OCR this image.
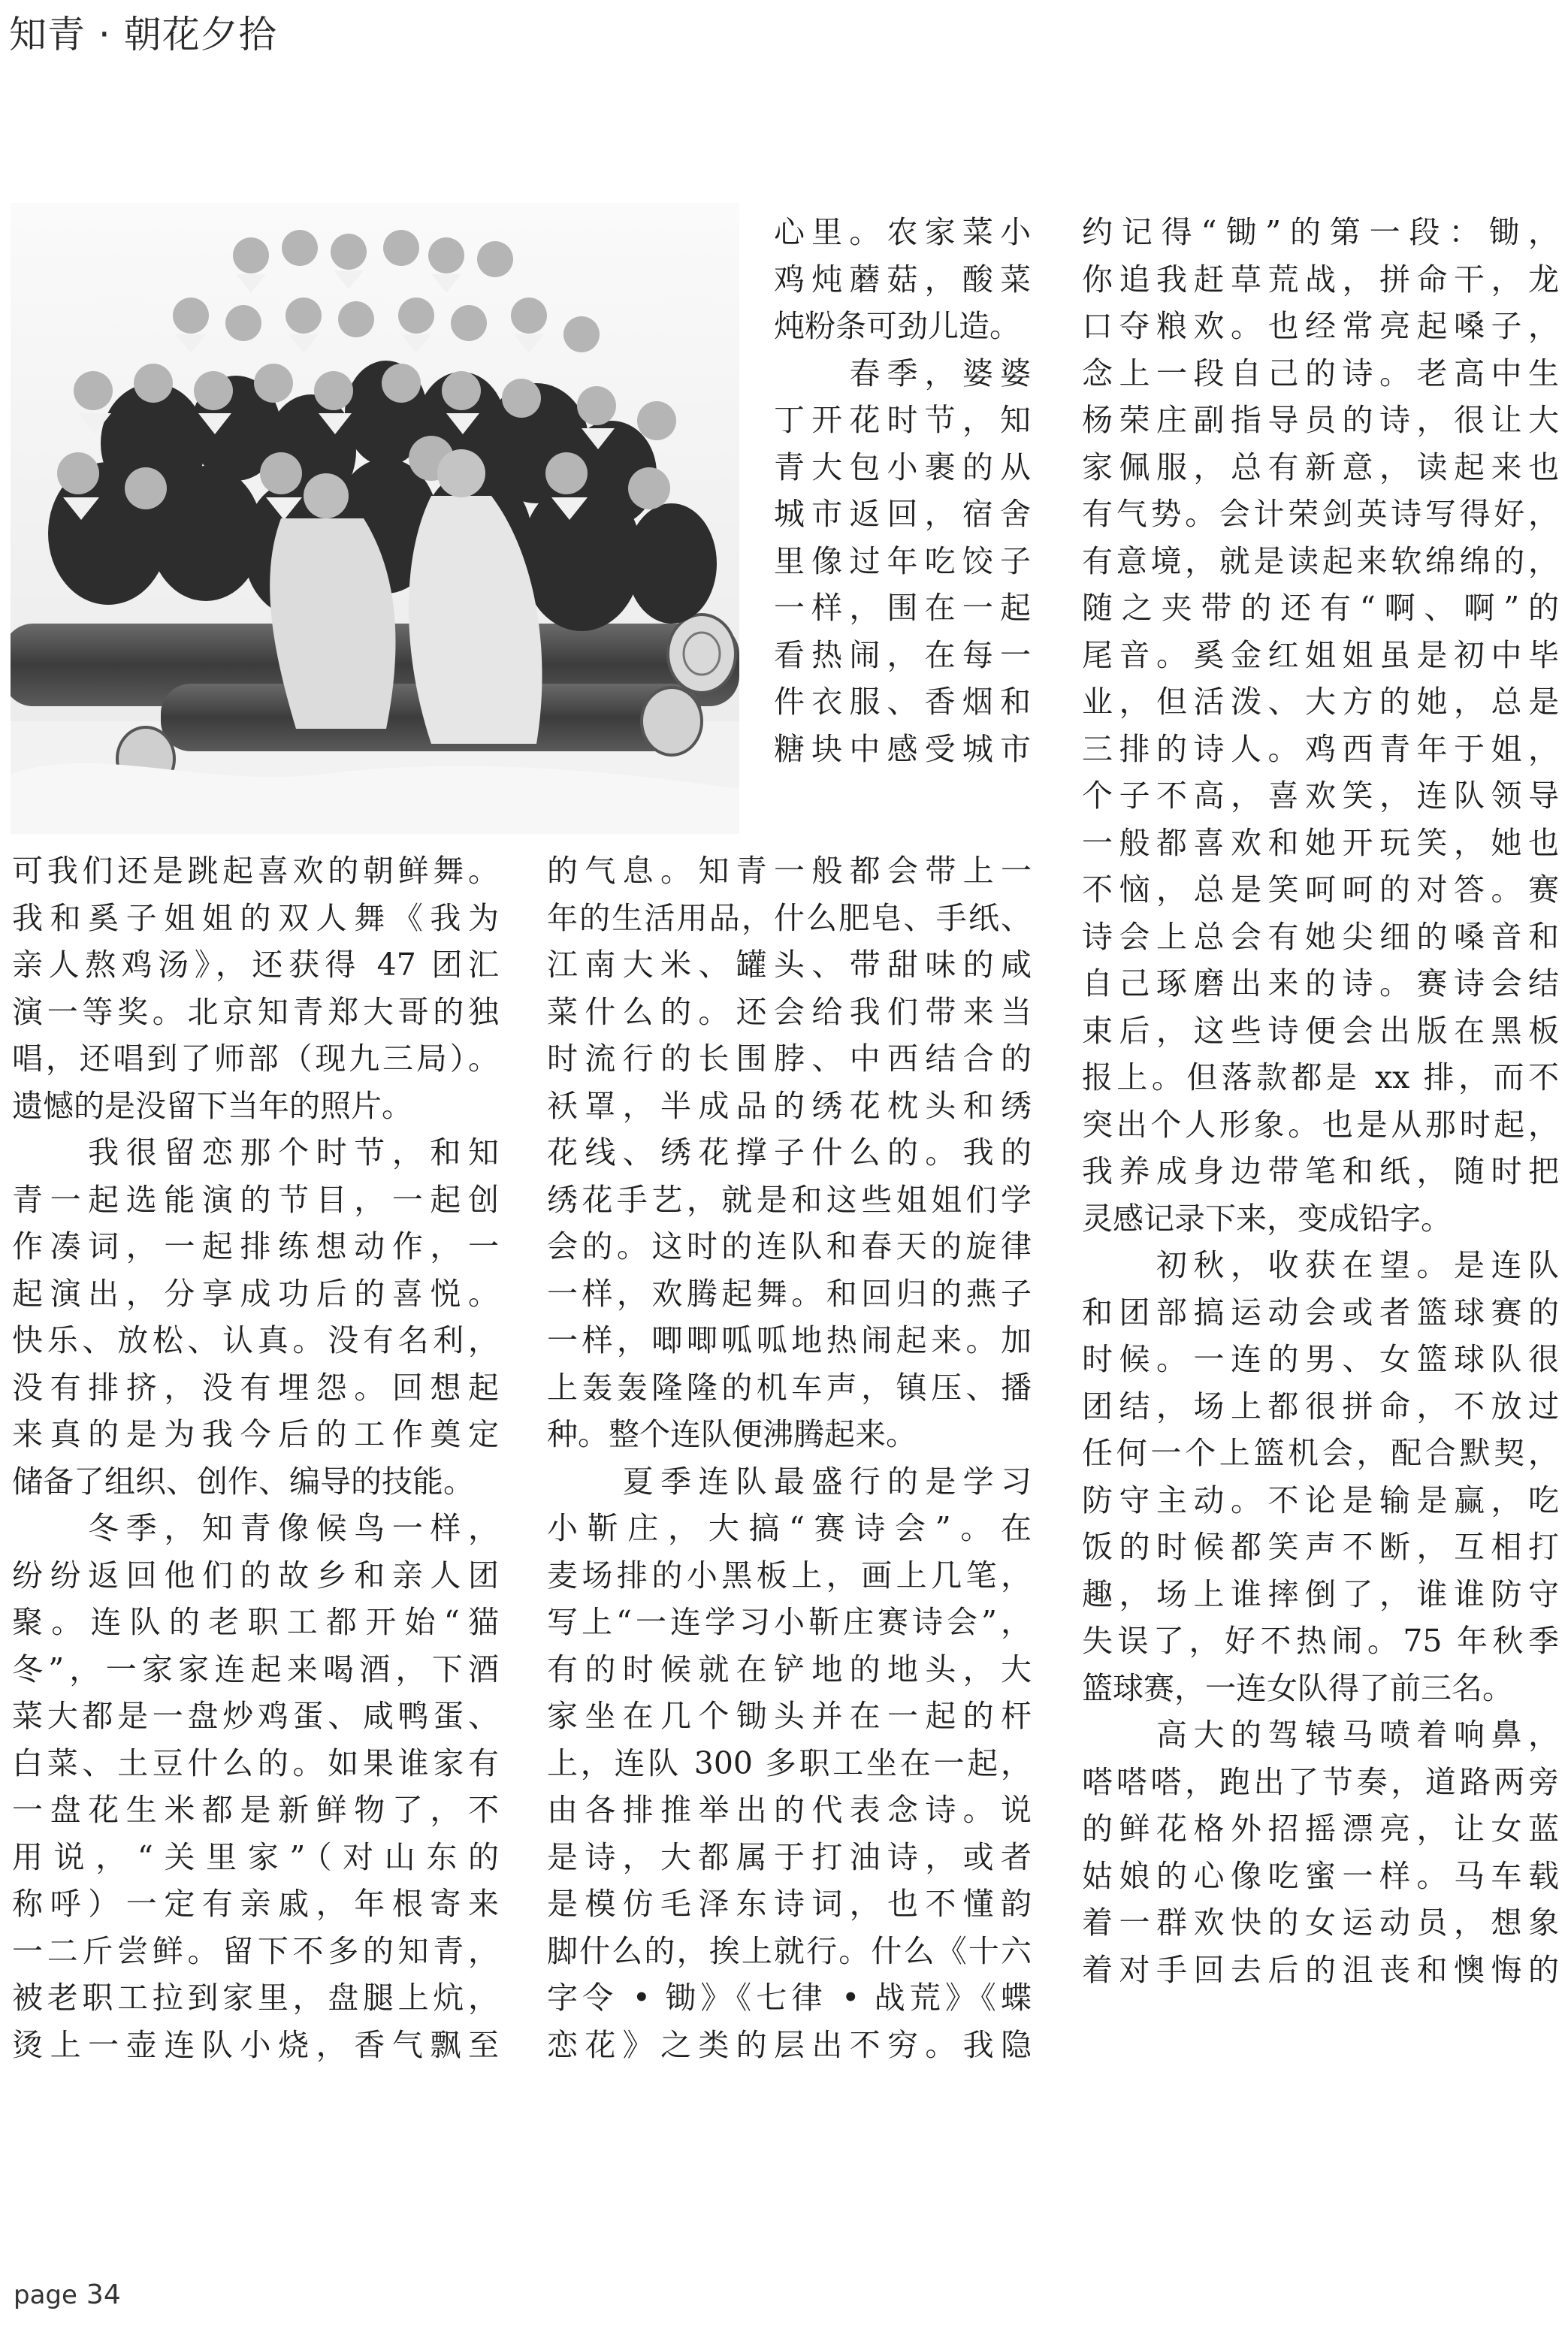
知青 · 朝花夕拾

可我们还是跳起喜欢的朝鲜舞。

我和奚子姐姐的双人舞《我为

亲人熬鸡汤》，还获得 47 团汇

演一等奖。北京知青郑大哥的独

唱，还唱到了师部（现九三局）。

遗憾的是没留下当年的照片。

　　我很留恋那个时节，和知

青一起选能演的节目，一起创

作凑词，一起排练想动作，一

起演出，分享成功后的喜悦。

快乐、放松、认真。没有名利，

没有排挤，没有埋怨。回想起

来真的是为我今后的工作奠定

储备了组织、创作、编导的技能。

　　冬季，知青像候鸟一样，

纷纷返回他们的故乡和亲人团

聚。连队的老职工都开始“猫

冬”，一家家连起来喝酒，下酒

菜大都是一盘炒鸡蛋、咸鸭蛋、

白菜、土豆什么的。如果谁家有

一盘花生米都是新鲜物了，不

用说，“关里家”（对山东的

称呼）一定有亲戚，年根寄来

一二斤尝鲜。留下不多的知青，

被老职工拉到家里，盘腿上炕，

烫上一壶连队小烧，香气飘至

心里。农家菜小

鸡炖蘑菇，酸菜

炖粉条可劲儿造。

　　春季，婆婆

丁开花时节，知

青大包小裹的从

城市返回，宿舍

里像过年吃饺子

一样，围在一起

看热闹，在每一

件衣服、香烟和

糖块中感受城市

的气息。知青一般都会带上一

年的生活用品，什么肥皂、手纸、

江南大米、罐头、带甜味的咸

菜什么的。还会给我们带来当

时流行的长围脖、中西结合的

袄罩，半成品的绣花枕头和绣

花线、绣花撑子什么的。我的

绣花手艺，就是和这些姐姐们学

会的。这时的连队和春天的旋律

一样，欢腾起舞。和回归的燕子

一样，唧唧呱呱地热闹起来。加

上轰轰隆隆的机车声，镇压、播

种。整个连队便沸腾起来。

　　夏季连队最盛行的是学习

小靳庄，大搞“赛诗会”。在

麦场排的小黑板上，画上几笔，

写上“一连学习小靳庄赛诗会”，

有的时候就在铲地的地头，大

家坐在几个锄头并在一起的杆

上，连队 300 多职工坐在一起，

由各排推举出的代表念诗。说

是诗，大都属于打油诗，或者

是模仿毛泽东诗词，也不懂韵

脚什么的，挨上就行。什么《十六

字令 • 锄》《七律 • 战荒》《蝶

恋花》之类的层出不穷。我隐

约记得“锄”的第一段：锄，

你追我赶草荒战，拼命干，龙

口夺粮欢。也经常亮起嗓子，

念上一段自己的诗。老高中生

杨荣庄副指导员的诗，很让大

家佩服，总有新意，读起来也

有气势。会计荣剑英诗写得好，

有意境，就是读起来软绵绵的，

随之夹带的还有“啊、啊”的

尾音。奚金红姐姐虽是初中毕

业，但活泼、大方的她，总是

三排的诗人。鸡西青年于姐，

个子不高，喜欢笑，连队领导

一般都喜欢和她开玩笑，她也

不恼，总是笑呵呵的对答。赛

诗会上总会有她尖细的嗓音和

自己琢磨出来的诗。赛诗会结

束后，这些诗便会出版在黑板

报上。但落款都是 xx 排，而不

突出个人形象。也是从那时起，

我养成身边带笔和纸，随时把

灵感记录下来，变成铅字。

　　初秋，收获在望。是连队

和团部搞运动会或者篮球赛的

时候。一连的男、女篮球队很

团结，场上都很拼命，不放过

任何一个上篮机会，配合默契，

防守主动。不论是输是赢，吃

饭的时候都笑声不断，互相打

趣，场上谁摔倒了，谁谁防守

失误了，好不热闹。75 年秋季

篮球赛，一连女队得了前三名。

　　高大的驾辕马喷着响鼻，

嗒嗒嗒，跑出了节奏，道路两旁

的鲜花格外招摇漂亮，让女蓝

姑娘的心像吃蜜一样。马车载

着一群欢快的女运动员，想象

着对手回去后的沮丧和懊悔的

page 34
